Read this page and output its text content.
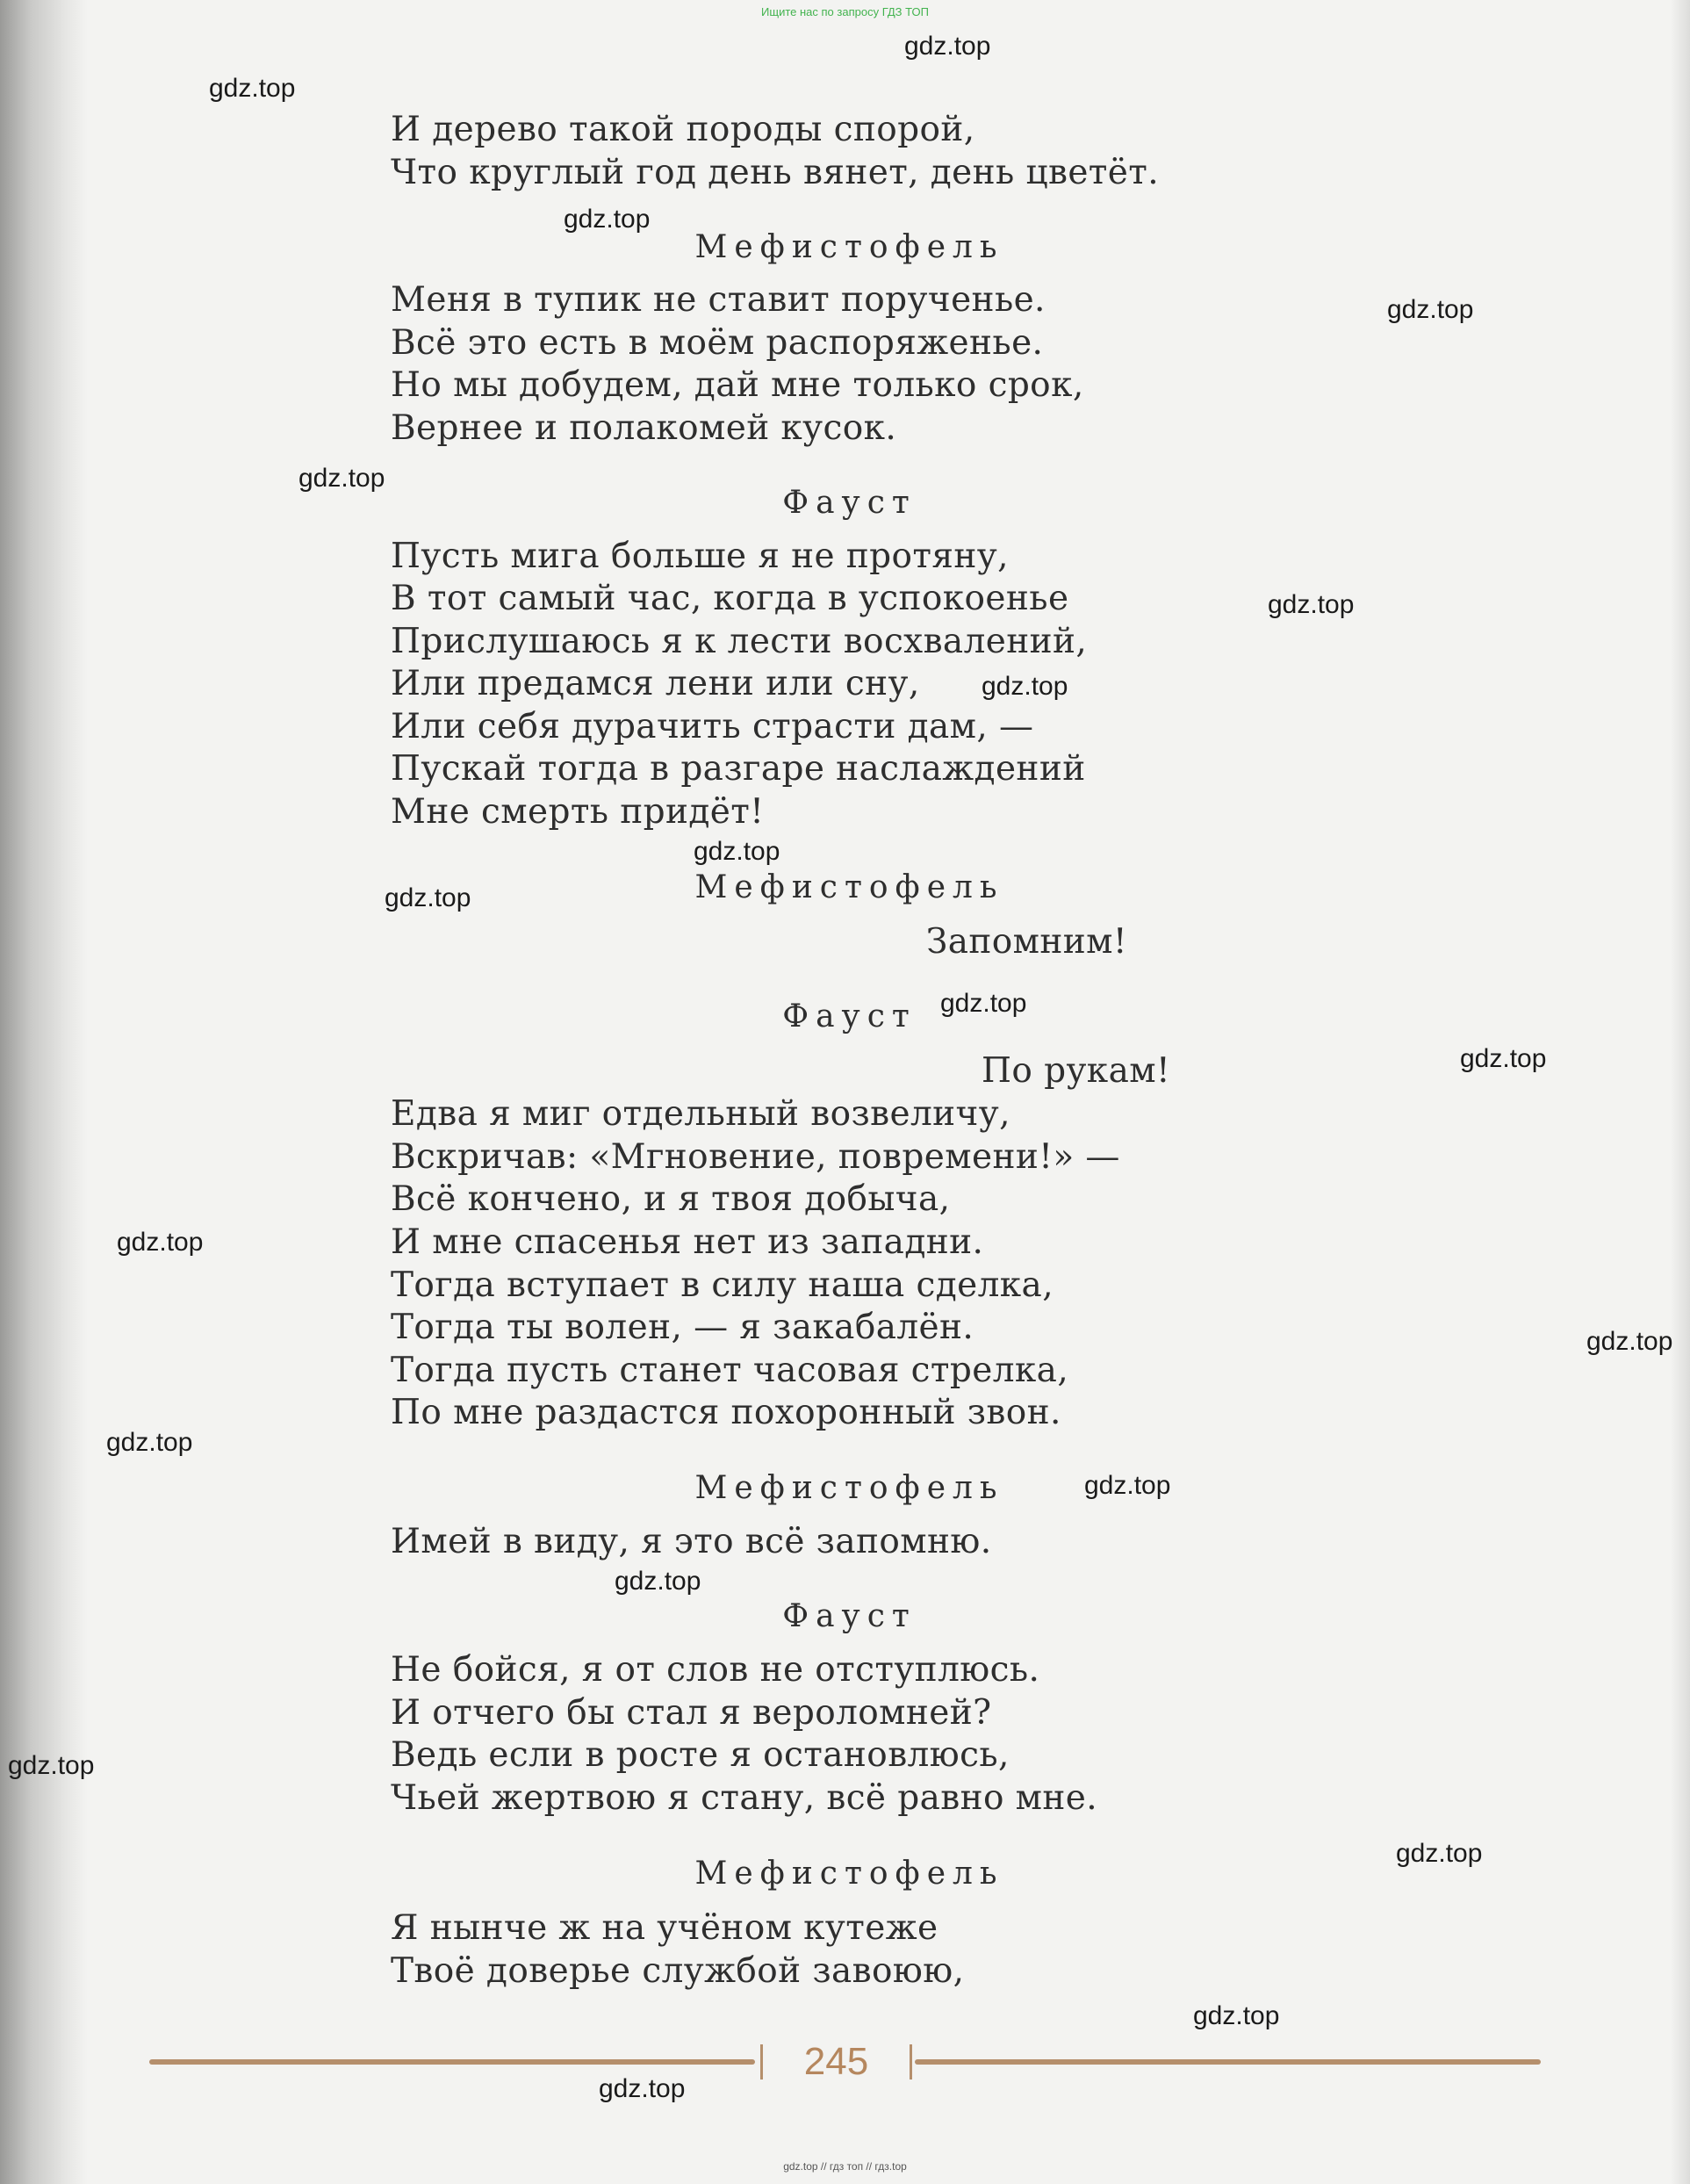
Ищите нас по запросу ГДЗ ТОП
И дерево такой породы спорой,
Что круглый год день вянет, день цветёт.
Мефистофель
Меня в тупик не ставит порученье.
Всё это есть в моём распоряженье.
Но мы добудем, дай мне только срок,
Вернее и полакомей кусок.
Фауст
Пусть мига больше я не протяну,
В тот самый час, когда в успокоенье
Прислушаюсь я к лести восхвалений,
Или предамся лени или сну,
Или себя дурачить страсти дам, —
Пускай тогда в разгаре наслаждений
Мне смерть придёт!
Мефистофель
Запомним!
Фауст
По рукам!
Едва я миг отдельный возвеличу,
Вскричав: «Мгновение, повремени!» —
Всё кончено, и я твоя добыча,
И мне спасенья нет из западни.
Тогда вступает в силу наша сделка,
Тогда ты волен, — я закабалён.
Тогда пусть станет часовая стрелка,
По мне раздастся похоронный звон.
Мефистофель
Имей в виду, я это всё запомню.
Фауст
Не бойся, я от слов не отступлюсь.
И отчего бы стал я вероломней?
Ведь если в росте я остановлюсь,
Чьей жертвою я стану, всё равно мне.
Мефистофель
Я нынче ж на учёном кутеже
Твоё доверье службой завоюю,
245
gdz.top
gdz.top
gdz.top
gdz.top
gdz.top
gdz.top
gdz.top
gdz.top
gdz.top
gdz.top
gdz.top
gdz.top
gdz.top
gdz.top
gdz.top
gdz.top
gdz.top
gdz.top
gdz.top
gdz.top
gdz.top // гдз топ // гдз.top
